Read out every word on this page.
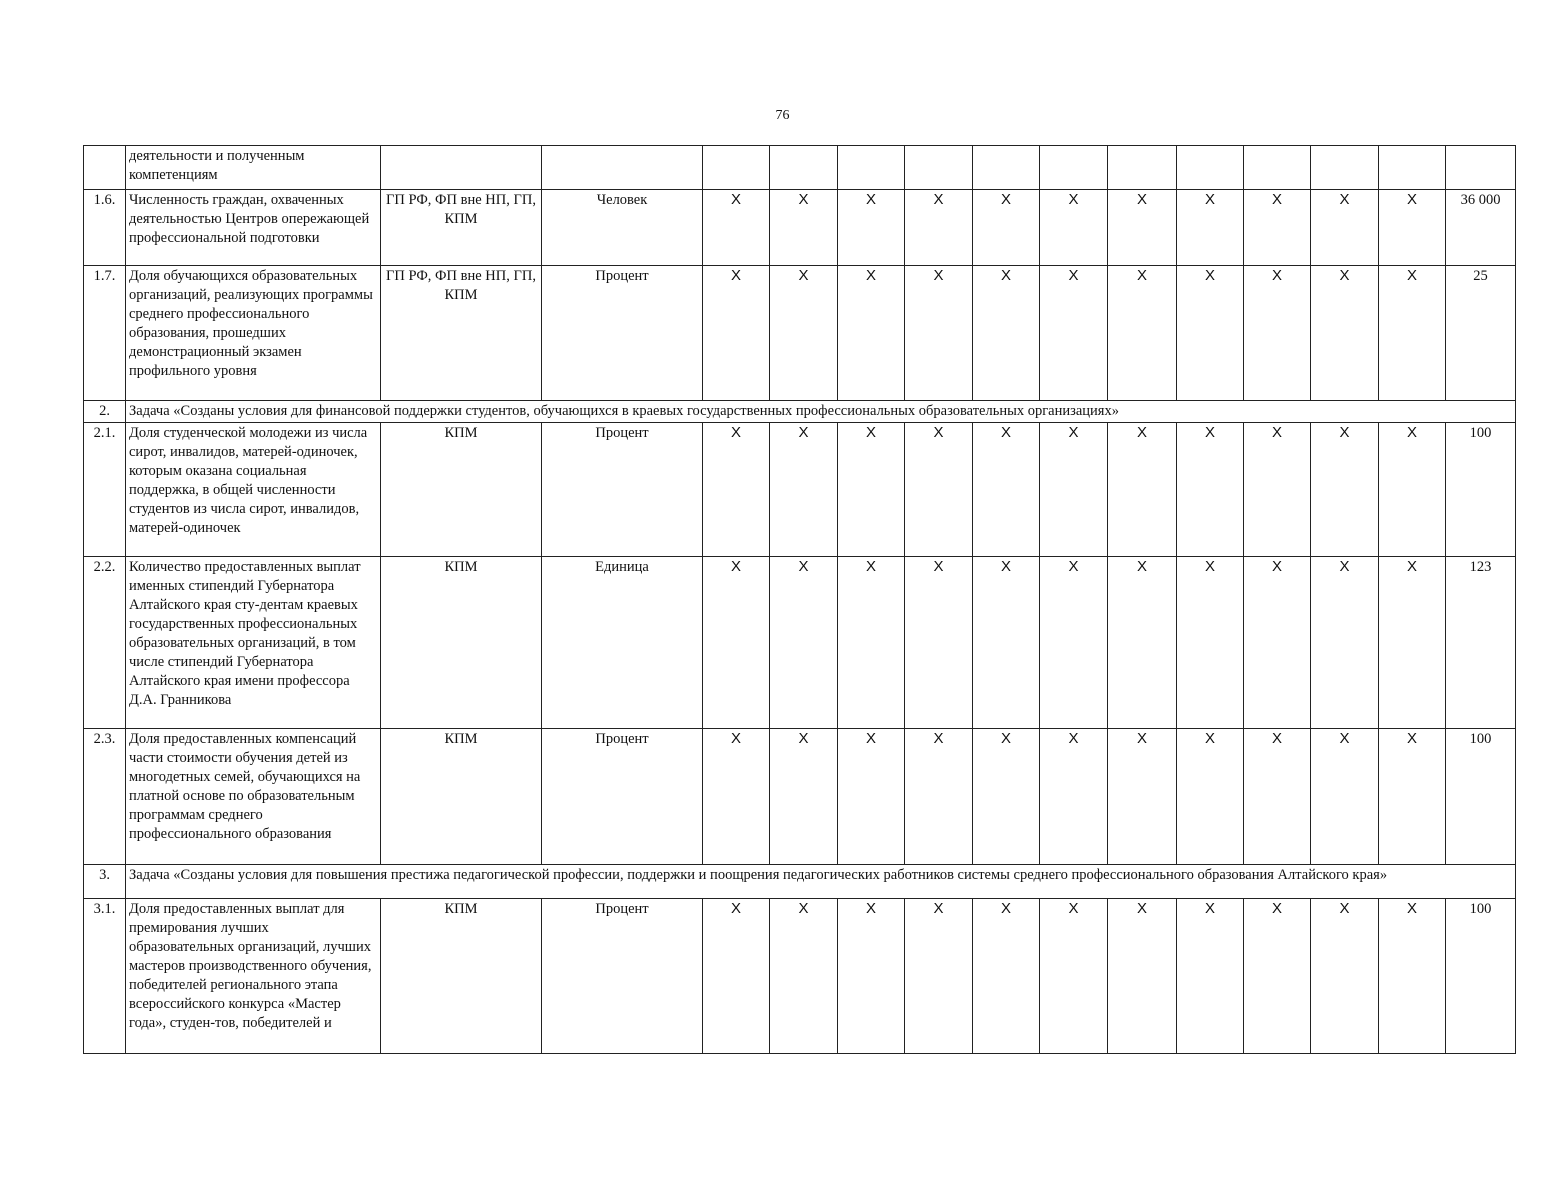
76
	деятельности и полученным компетенциям														
1.6.	Численность граждан, охваченных деятельностью Центров опережающей профессиональной подготовки	ГП РФ, ФП вне НП, ГП, КПМ	Человек	X	X	X	X	X	X	X	X	X	X	X	36 000
1.7.	Доля обучающихся образовательных организаций, реализующих программы среднего профессионального образования, прошедших демонстрационный экзамен профильного уровня	ГП РФ, ФП вне НП, ГП, КПМ	Процент	X	X	X	X	X	X	X	X	X	X	X	25
2.	Задача «Созданы условия для финансовой поддержки студентов, обучающихся в краевых государственных профессиональных образовательных организациях»														
2.1.	Доля студенческой молодежи из числа сирот, инвалидов, матерей-одиночек, которым оказана социальная поддержка, в общей численности студентов из числа сирот, инвалидов, матерей-одиночек	КПМ	Процент	X	X	X	X	X	X	X	X	X	X	X	100
2.2.	Количество предоставленных выплат именных стипендий Губернатора Алтайского края сту-дентам краевых государственных профессиональных образовательных организаций, в том числе стипендий Губернатора Алтайского края имени профессора Д.А. Гранникова	КПМ	Единица	X	X	X	X	X	X	X	X	X	X	X	123
2.3.	Доля предоставленных компенсаций части стоимости обучения детей из многодетных семей, обучающихся на платной основе по образовательным программам среднего профессионального образования	КПМ	Процент	X	X	X	X	X	X	X	X	X	X	X	100
3.	Задача «Созданы условия для повышения престижа педагогической профессии, поддержки и поощрения педагогических работников системы среднего профессионального образования Алтайского края»														
3.1.	Доля предоставленных выплат для премирования лучших образовательных организаций, лучших мастеров производственного обучения, победителей регионального этапа всероссийского конкурса «Мастер года», студен-тов, победителей и	КПМ	Процент	X	X	X	X	X	X	X	X	X	X	X	100
